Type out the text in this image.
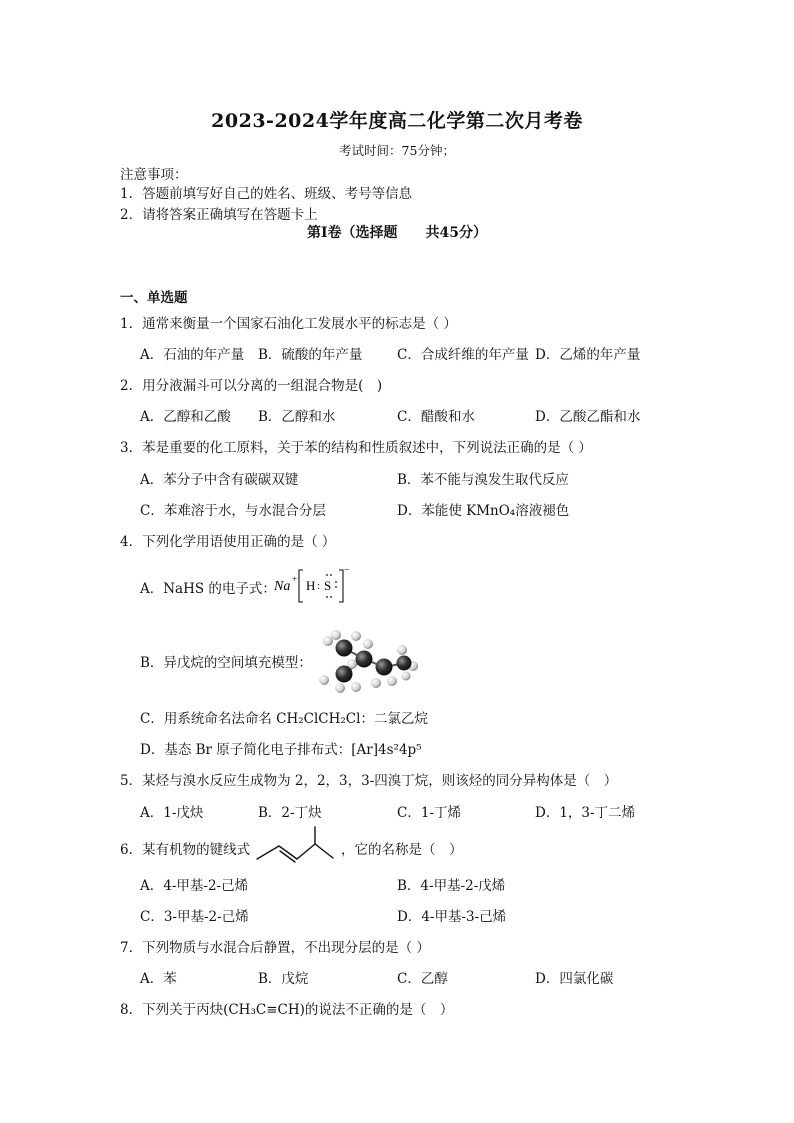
2023-2024学年度高二化学第二次月考卷
考试时间：75分钟；
注意事项：
1．答题前填写好自己的姓名、班级、考号等信息
2．请将答案正确填写在答题卡上
第I卷（选择题　　共45分）
一、单选题
1．通常来衡量一个国家石油化工发展水平的标志是（ ）
A．石油的年产量 B．硫酸的年产量	C．合成纤维的年产量 D．乙烯的年产量
2．用分液漏斗可以分离的一组混合物是(　)
A．乙醇和乙酸 B．乙醇和水	C．醋酸和水	D．乙酸乙酯和水
3．苯是重要的化工原料，关于苯的结构和性质叙述中，下列说法正确的是（ ）
A．苯分子中含有碳碳双键	B．苯不能与溴发生取代反应
C．苯难溶于水，与水混合分层	D．苯能使 KMnO₄溶液褪色
4．下列化学用语使用正确的是（ ）
A．NaHS 的电子式：
Na + H : S
−
B．异戊烷的空间填充模型：
C．用系统命名法命名 CH₂ClCH₂Cl：二氯乙烷
D．基态 Br 原子简化电子排布式：[Ar]4s²4p⁵
5．某烃与溴水反应生成物为 2，2，3，3-四溴丁烷，则该烃的同分异构体是（　）
A．1-戊炔	B．2-丁炔	C．1-丁烯	D．1，3-丁二烯
6．某有机物的键线式	，它的名称是（　）
A．4-甲基-2-己烯	B．4-甲基-2-戊烯
C．3-甲基-2-己烯	D．4-甲基-3-己烯
7．下列物质与水混合后静置，不出现分层的是（ ）
A．苯	B．戊烷	C．乙醇	D．四氯化碳
8．下列关于丙炔(CH₃C≡CH)的说法不正确的是（　）
